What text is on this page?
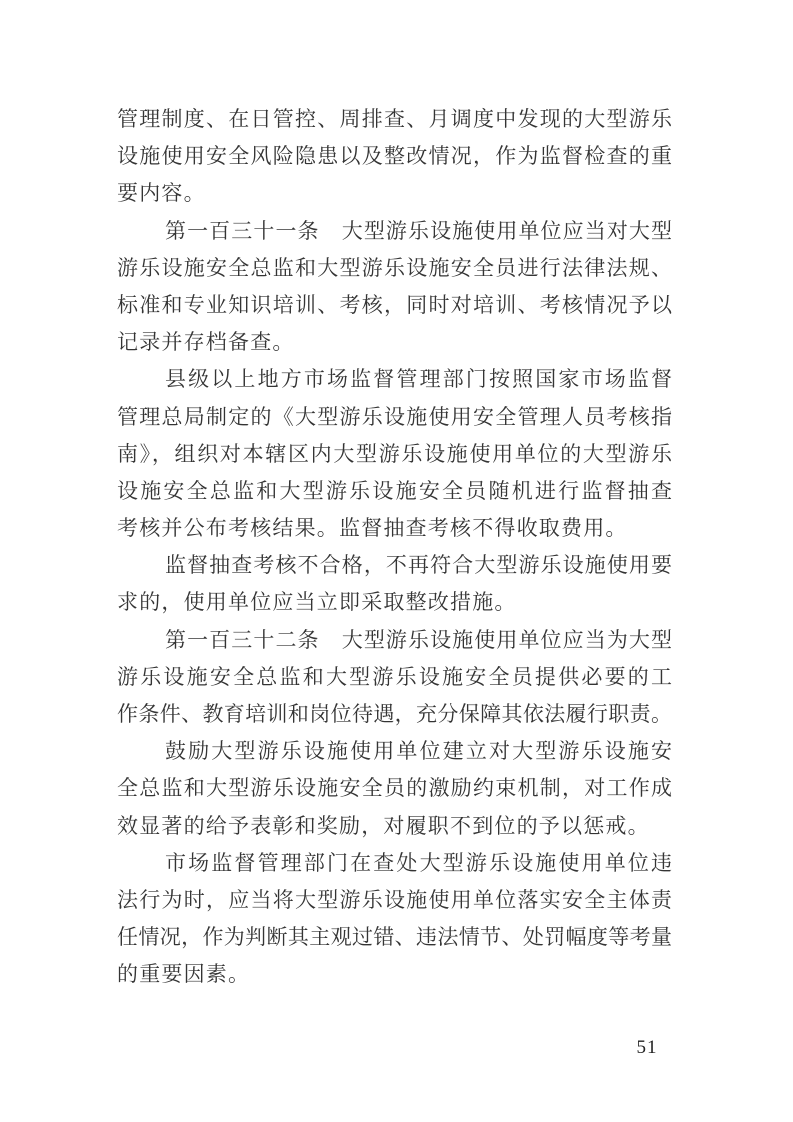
管理制度、在日管控、周排查、月调度中发现的大型游乐
设施使用安全风险隐患以及整改情况，作为监督检查的重
要内容。
第一百三十一条　大型游乐设施使用单位应当对大型
游乐设施安全总监和大型游乐设施安全员进行法律法规、
标准和专业知识培训、考核，同时对培训、考核情况予以
记录并存档备查。
县级以上地方市场监督管理部门按照国家市场监督
管理总局制定的《大型游乐设施使用安全管理人员考核指
南》，组织对本辖区内大型游乐设施使用单位的大型游乐
设施安全总监和大型游乐设施安全员随机进行监督抽查
考核并公布考核结果。监督抽查考核不得收取费用。
监督抽查考核不合格，不再符合大型游乐设施使用要
求的，使用单位应当立即采取整改措施。
第一百三十二条　大型游乐设施使用单位应当为大型
游乐设施安全总监和大型游乐设施安全员提供必要的工
作条件、教育培训和岗位待遇，充分保障其依法履行职责。
鼓励大型游乐设施使用单位建立对大型游乐设施安
全总监和大型游乐设施安全员的激励约束机制，对工作成
效显著的给予表彰和奖励，对履职不到位的予以惩戒。
市场监督管理部门在查处大型游乐设施使用单位违
法行为时，应当将大型游乐设施使用单位落实安全主体责
任情况，作为判断其主观过错、违法情节、处罚幅度等考量
的重要因素。
51
